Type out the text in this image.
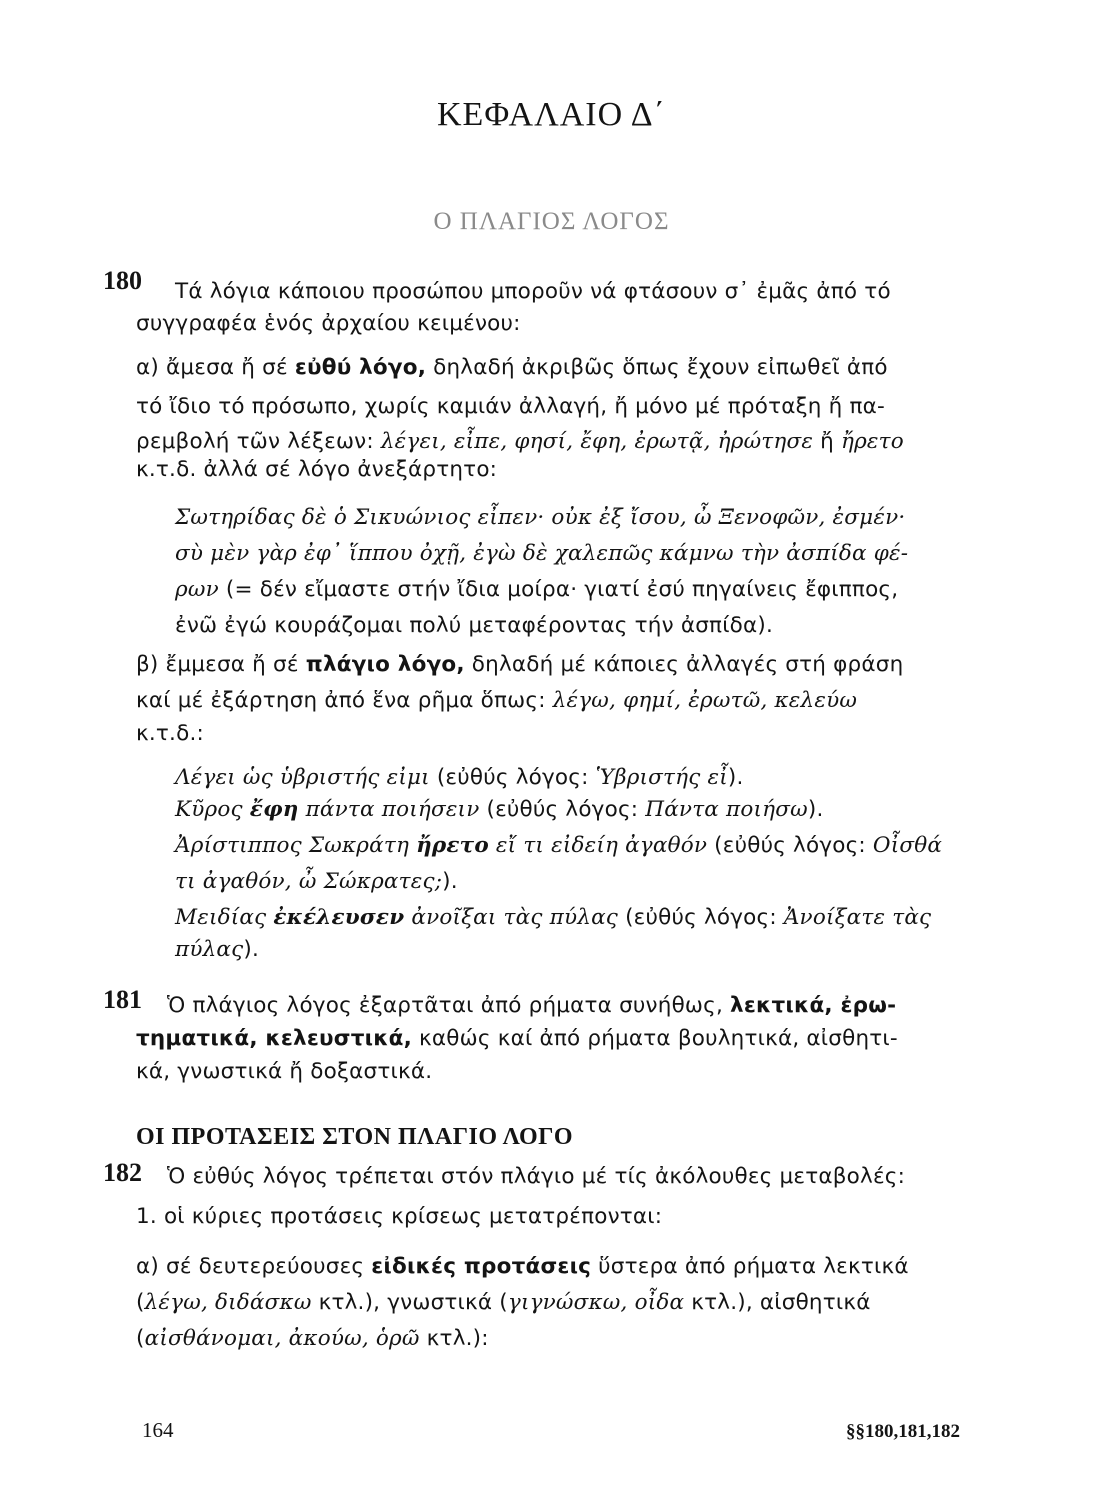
ΚΕΦΑΛΑΙΟ Δ΄
Ο ΠΛΑΓΙΟΣ ΛΟΓΟΣ
180 Τά λόγια κάποιου προσώπου μπορoῦν νά φτάσουν σ᾿ ἐμᾶς ἀπό τό
συγγραφέα ἑνός ἀρχαίου κειμένου:
α) ἄμεσα ἤ σέ εὐθύ λόγο, δηλαδή ἀκριβῶς ὅπως ἔχουν εἰπωθεῖ ἀπό
τό ἴδιο τό πρόσωπο, χωρίς καμιάν ἀλλαγή, ἤ μόνο μέ πρόταξη ἤ πα-
ρεμβολή τῶν λέξεων: λέγει, εἶπε, φησί, ἔφη, ἐρωτᾷ, ἠρώτησε ἤ ἤρετο
κ.τ.δ. ἀλλά σέ λόγο ἀνεξάρτητο:
Σωτηρίδας δὲ ὁ Σικυώνιος εἶπεν· οὐκ ἐξ ἴσου, ὦ Ξενοφῶν, ἐσμέν·
σὺ μὲν γὰρ ἐφ᾿ ἵππου ὀχῇ, ἐγὼ δὲ χαλεπῶς κάμνω τὴν ἀσπίδα φέ-
ρων (= δέν εἴμαστε στήν ἴδια μοίρα· γιατί ἐσύ πηγαίνεις ἔφιππος,
ἐνῶ ἐγώ κουράζομαι πολύ μεταφέροντας τήν ἀσπίδα).
β) ἔμμεσα ἤ σέ πλάγιο λόγο, δηλαδή μέ κάποιες ἀλλαγές στή φράση
καί μέ ἐξάρτηση ἀπό ἕνα ρῆμα ὅπως: λέγω, φημί, ἐρωτῶ, κελεύω
κ.τ.δ.:
Λέγει ὡς ὑβριστής εἰμι (εὐθύς λόγος: Ὑβριστής εἶ).
Κῦρος ἔφη πάντα ποιήσειν (εὐθύς λόγος: Πάντα ποιήσω).
Ἀρίστιππος Σωκράτη ἤρετο εἴ τι εἰδείη ἀγαθόν (εὐθύς λόγος: Οἶσθά
τι ἀγαθόν, ὦ Σώκρατες;).
Μειδίας ἐκέλευσεν ἀνοῖξαι τὰς πύλας (εὐθύς λόγος: Ἀνοίξατε τὰς
πύλας).
181 Ὁ πλάγιος λόγος ἐξαρτᾶται ἀπό ρήματα συνήθως, λεκτικά, ἐρω-
τηματικά, κελευστικά, καθώς καί ἀπό ρήματα βουλητικά, αἰσθητι-
κά, γνωστικά ἤ δοξαστικά.
ΟΙ ΠΡΟΤΑΣΕΙΣ ΣΤΟΝ ΠΛΑΓΙΟ ΛΟΓΟ
182 Ὁ εὐθύς λόγος τρέπεται στόν πλάγιο μέ τίς ἀκόλουθες μεταβολές:
1. οἱ κύριες προτάσεις κρίσεως μετατρέπονται:
α) σέ δευτερεύουσες εἰδικές προτάσεις ὕστερα ἀπό ρήματα λεκτικά
(λέγω, διδάσκω κτλ.), γνωστικά (γιγνώσκω, οἶδα κτλ.), αἰσθητικά
(αἰσθάνομαι, ἀκούω, ὁρῶ κτλ.):
164	§§180,181,182
